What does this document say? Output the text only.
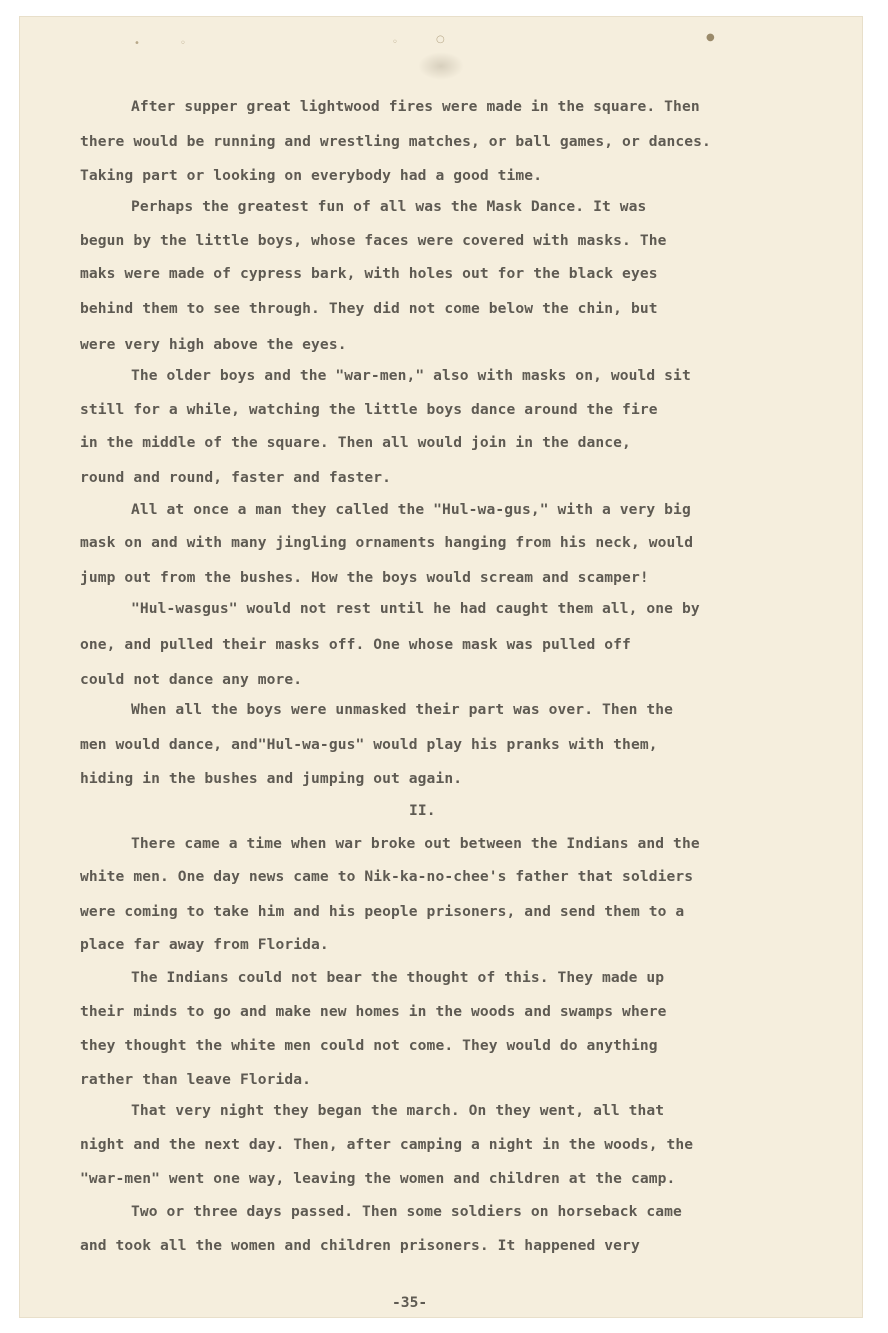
•	◦	◦	○	●

After supper great lightwood fires were made in the square. Then

there would be running and wrestling matches, or ball games, or dances.

Taking part or looking on everybody had a good time.

Perhaps the greatest fun of all was the Mask Dance. It was

begun by the little boys, whose faces were covered with masks. The

maks were made of cypress bark, with holes out for the black eyes

behind them to see through. They did not come below the chin, but

were very high above the eyes.

The older boys and the "war-men," also with masks on, would sit

still for a while, watching the little boys dance around the fire

in the middle of the square. Then all would join in the dance,

round and round, faster and faster.

All at once a man they called the "Hul-wa-gus," with a very big

mask on and with many jingling ornaments hanging from his neck, would

jump out from the bushes. How the boys would scream and scamper!

"Hul-wasgus" would not rest until he had caught them all, one by

one, and pulled their masks off. One whose mask was pulled off

could not dance any more.

When all the boys were unmasked their part was over. Then the

men would dance, and"Hul-wa-gus" would play his pranks with them,

hiding in the bushes and jumping out again.

II.

There came a time when war broke out between the Indians and the

white men. One day news came to Nik-ka-no-chee's father that soldiers

were coming to take him and his people prisoners, and send them to a

place far away from Florida.

The Indians could not bear the thought of this. They made up

their minds to go and make new homes in the woods and swamps where

they thought the white men could not come. They would do anything

rather than leave Florida.

That very night they began the march. On they went, all that

night and the next day. Then, after camping a night in the woods, the

"war-men" went one way, leaving the women and children at the camp.

Two or three days passed. Then some soldiers on horseback came

and took all the women and children prisoners. It happened very

-35-
